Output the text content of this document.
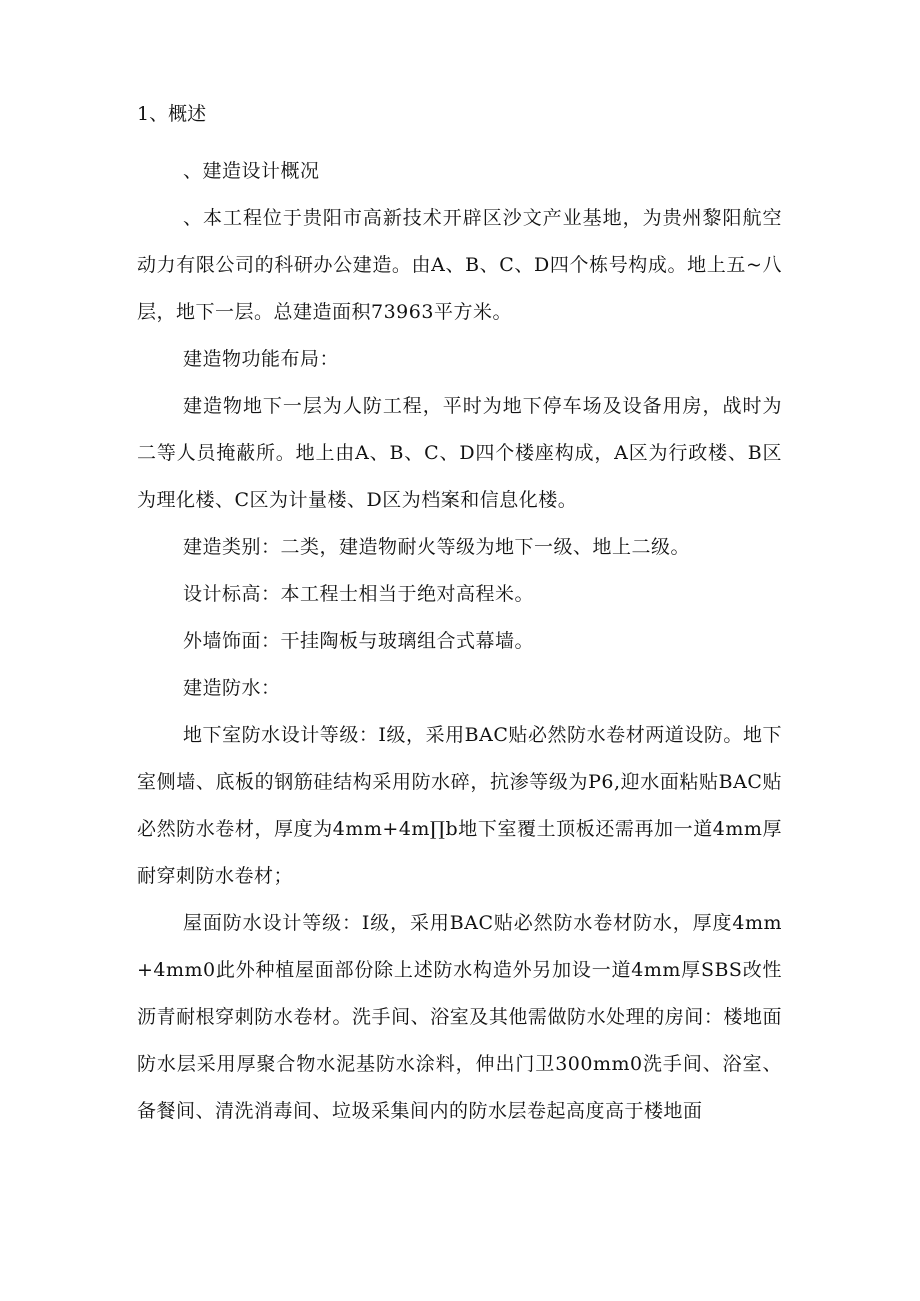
1、概述

、建造设计概况

、本工程位于贵阳市高新技术开辟区沙文产业基地，为贵州黎阳航空动力有限公司的科研办公建造。由A、B、C、D四个栋号构成。地上五~八层，地下一层。总建造面积73963平方米。

建造物功能布局：

建造物地下一层为人防工程，平时为地下停车场及设备用房，战时为二等人员掩蔽所。地上由A、B、C、D四个楼座构成，A区为行政楼、B区为理化楼、C区为计量楼、D区为档案和信息化楼。

建造类别：二类，建造物耐火等级为地下一级、地上二级。

设计标高：本工程士相当于绝对高程米。

外墙饰面：干挂陶板与玻璃组合式幕墙。

建造防水：

地下室防水设计等级：I级，采用BAC贴必然防水卷材两道设防。地下室侧墙、底板的钢筋硅结构采用防水碎，抗渗等级为P6,迎水面粘贴BAC贴必然防水卷材，厚度为4mm+4m∏b地下室覆土顶板还需再加一道4mm厚耐穿刺防水卷材；

屋面防水设计等级：I级，采用BAC贴必然防水卷材防水，厚度4mm+4mm0此外种植屋面部份除上述防水构造外另加设一道4mm厚SBS改性沥青耐根穿刺防水卷材。洗手间、浴室及其他需做防水处理的房间：楼地面防水层采用厚聚合物水泥基防水涂料，伸出门卫300mm0洗手间、浴室、备餐间、清洗消毒间、垃圾采集间内的防水层卷起高度高于楼地面
